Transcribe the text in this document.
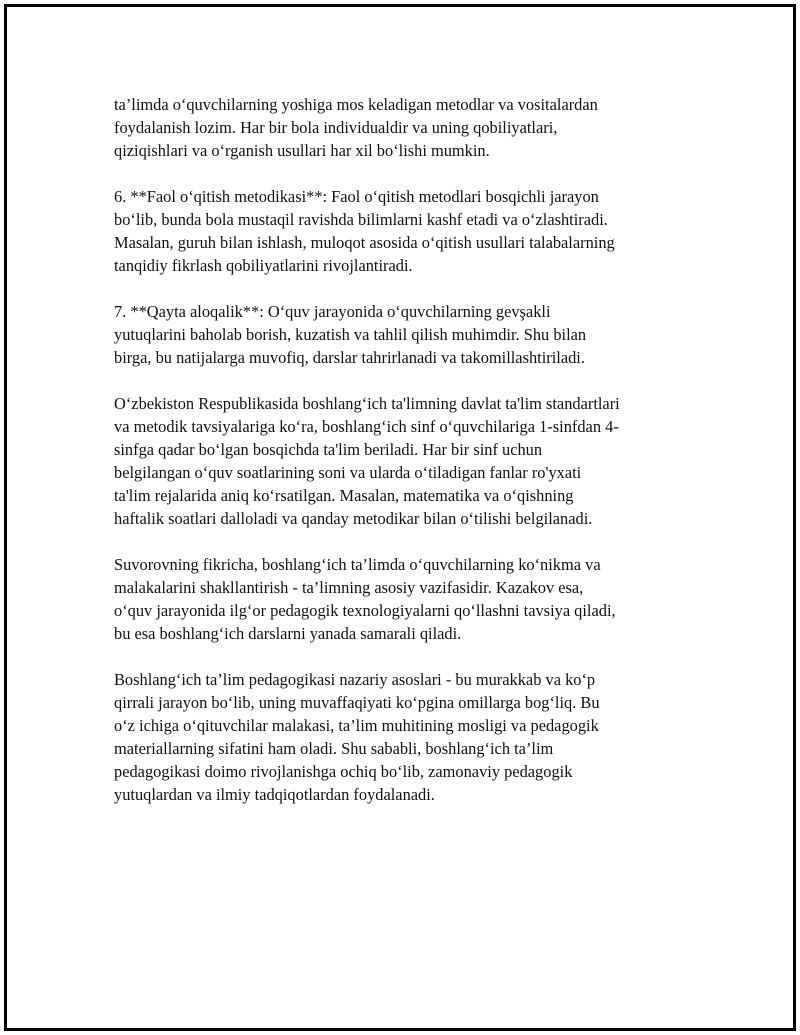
ta’limda o‘quvchilarning yoshiga mos keladigan metodlar va vositalardan
foydalanish lozim. Har bir bola individualdir va uning qobiliyatlari,
qiziqishlari va o‘rganish usullari har xil bo‘lishi mumkin.

6. **Faol o‘qitish metodikasi**: Faol o‘qitish metodlari bosqichli jarayon
bo‘lib, bunda bola mustaqil ravishda bilimlarni kashf etadi va o‘zlashtiradi.
Masalan, guruh bilan ishlash, muloqot asosida o‘qitish usullari talabalarning
tanqidiy fikrlash qobiliyatlarini rivojlantiradi.

7. **Qayta aloqalik**: O‘quv jarayonida o‘quvchilarning gevşakli
yutuqlarini baholab borish, kuzatish va tahlil qilish muhimdir. Shu bilan
birga, bu natijalarga muvofiq, darslar tahrirlanadi va takomillashtiriladi.

O‘zbekiston Respublikasida boshlang‘ich ta'limning davlat ta'lim standartlari
va metodik tavsiyalariga ko‘ra, boshlang‘ich sinf o‘quvchilariga 1-sinfdan 4-
sinfga qadar bo‘lgan bosqichda ta'lim beriladi. Har bir sinf uchun
belgilangan o‘quv soatlarining soni va ularda o‘tiladigan fanlar ro'yxati
ta'lim rejalarida aniq ko‘rsatilgan. Masalan, matematika va o‘qishning
haftalik soatlari dalloladi va qanday metodikar bilan o‘tilishi belgilanadi.

Suvorovning fikricha, boshlang‘ich ta’limda o‘quvchilarning ko‘nikma va
malakalarini shakllantirish - ta’limning asosiy vazifasidir. Kazakov esa,
o‘quv jarayonida ilg‘or pedagogik texnologiyalarni qo‘llashni tavsiya qiladi,
bu esa boshlang‘ich darslarni yanada samarali qiladi.

Boshlang‘ich ta’lim pedagogikasi nazariy asoslari - bu murakkab va ko‘p
qirrali jarayon bo‘lib, uning muvaffaqiyati ko‘pgina omillarga bog‘liq. Bu
o‘z ichiga o‘qituvchilar malakasi, ta’lim muhitining mosligi va pedagogik
materiallarning sifatini ham oladi. Shu sababli, boshlang‘ich ta’lim
pedagogikasi doimo rivojlanishga ochiq bo‘lib, zamonaviy pedagogik
yutuqlardan va ilmiy tadqiqotlardan foydalanadi.
